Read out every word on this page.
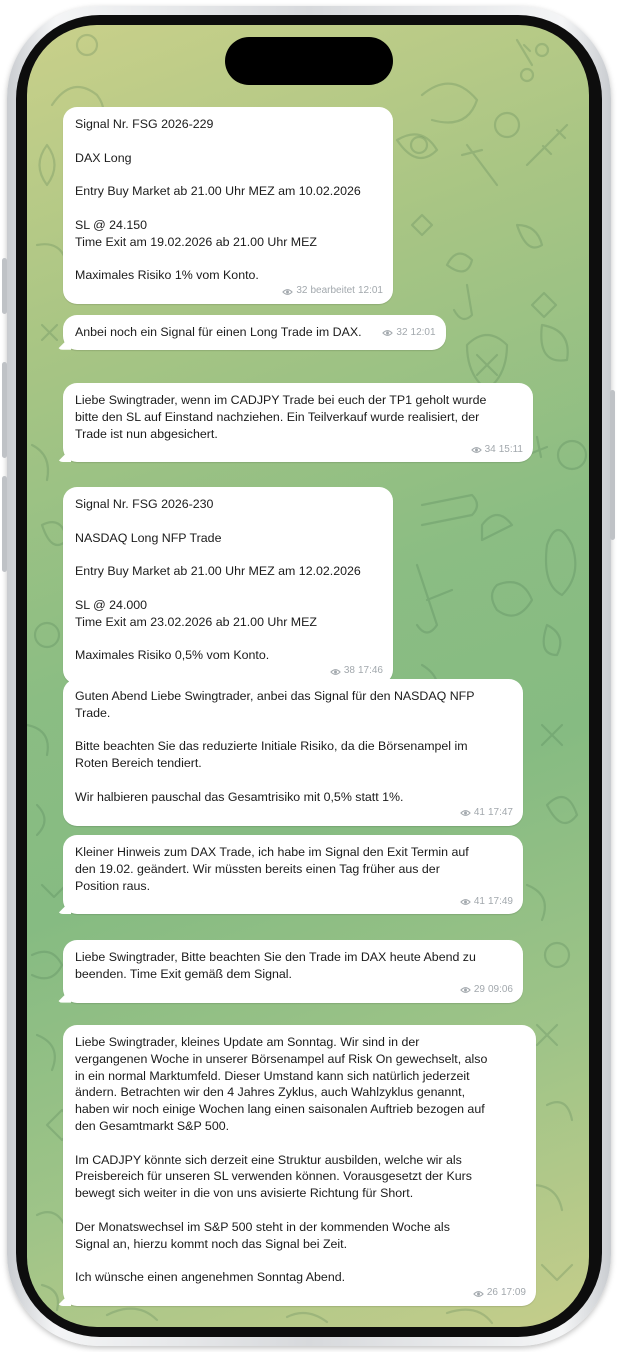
Signal Nr. FSG 2026-229
DAX Long
Entry Buy Market ab 21.00 Uhr MEZ am 10.02.2026
SL @ 24.150
Time Exit am 19.02.2026 ab 21.00 Uhr MEZ
Maximales Risiko 1% vom Konto.
32 bearbeitet 12:01
Anbei noch ein Signal für einen Long Trade im DAX.	32 12:01
Liebe Swingtrader, wenn im CADJPY Trade bei euch der TP1 geholt wurde
bitte den SL auf Einstand nachziehen. Ein Teilverkauf wurde realisiert, der
Trade ist nun abgesichert.
34 15:11
Signal Nr. FSG 2026-230
NASDAQ Long NFP Trade
Entry Buy Market ab 21.00 Uhr MEZ am 12.02.2026
SL @ 24.000
Time Exit am 23.02.2026 ab 21.00 Uhr MEZ
Maximales Risiko 0,5% vom Konto.
38 17:46
Guten Abend Liebe Swingtrader, anbei das Signal für den NASDAQ NFP
Trade.
Bitte beachten Sie das reduzierte Initiale Risiko, da die Börsenampel im
Roten Bereich tendiert.
Wir halbieren pauschal das Gesamtrisiko mit 0,5% statt 1%.
41 17:47
Kleiner Hinweis zum DAX Trade, ich habe im Signal den Exit Termin auf
den 19.02. geändert. Wir müssten bereits einen Tag früher aus der
Position raus.
41 17:49
Liebe Swingtrader, Bitte beachten Sie den Trade im DAX heute Abend zu
beenden. Time Exit gemäß dem Signal.
29 09:06
Liebe Swingtrader, kleines Update am Sonntag. Wir sind in der
vergangenen Woche in unserer Börsenampel auf Risk On gewechselt, also
in ein normal Marktumfeld. Dieser Umstand kann sich natürlich jederzeit
ändern. Betrachten wir den 4 Jahres Zyklus, auch Wahlzyklus genannt,
haben wir noch einige Wochen lang einen saisonalen Auftrieb bezogen auf
den Gesamtmarkt S&P 500.
Im CADJPY könnte sich derzeit eine Struktur ausbilden, welche wir als
Preisbereich für unseren SL verwenden können. Vorausgesetzt der Kurs
bewegt sich weiter in die von uns avisierte Richtung für Short.
Der Monatswechsel im S&P 500 steht in der kommenden Woche als
Signal an, hierzu kommt noch das Signal bei Zeit.
Ich wünsche einen angenehmen Sonntag Abend.
26 17:09
